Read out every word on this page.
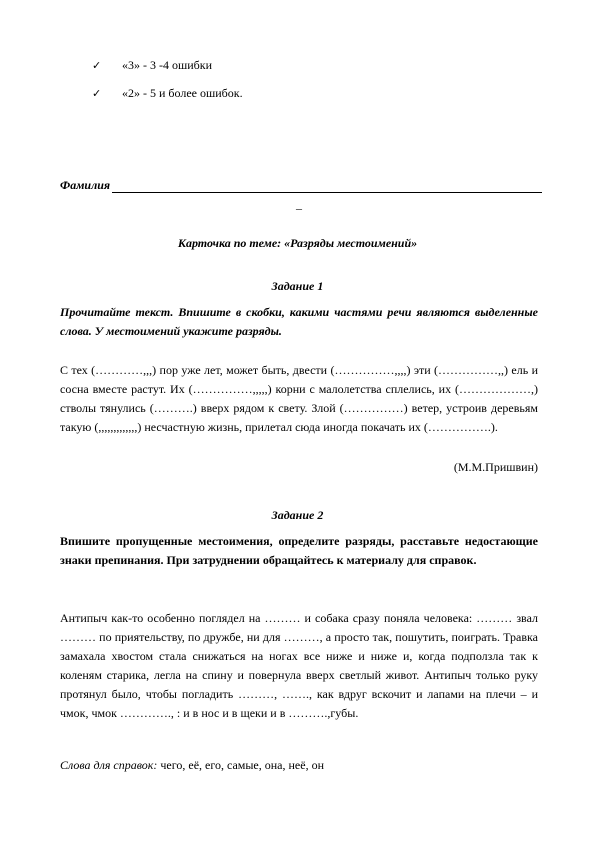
✓	«3» - 3 -4 ошибки
✓	«2» - 5 и более ошибок.
Фамилия
–
Карточка по теме: «Разряды местоимений»
Задание 1
Прочитайте текст. Впишите в скобки, какими частями речи являются выделенные слова. У местоимений укажите разряды.
С тех (…………,,,) пор уже лет, может быть, двести (……………,,,,) эти (……………,,) ель и сосна вместе растут. Их (……………,,,,,) корни с малолетства сплелись, их (………………,) стволы тянулись (……….) вверх рядом к свету. Злой (……………) ветер, устроив деревьям такую (,,,,,,,,,,,,,) несчастную жизнь, прилетал сюда иногда покачать их (…………….).
(М.М.Пришвин)
Задание 2
Впишите пропущенные местоимения, определите разряды, расставьте недостающие знаки препинания. При затруднении обращайтесь к материалу для справок.
Антипыч как-то особенно поглядел на ……… и собака сразу поняла человека: ……… звал ……… по приятельству, по дружбе, ни для ………, а просто так, пошутить, поиграть. Травка замахала хвостом стала снижаться на ногах все ниже и ниже и, когда подползла так к коленям старика, легла на спину и повернула вверх светлый живот. Антипыч только руку протянул было, чтобы погладить ………, ……., как вдруг вскочит и лапами на плечи – и чмок, чмок …………., : и в нос и в щеки и в ……….,губы.
Слова для справок: чего, её, его, самые, она, неё, он
